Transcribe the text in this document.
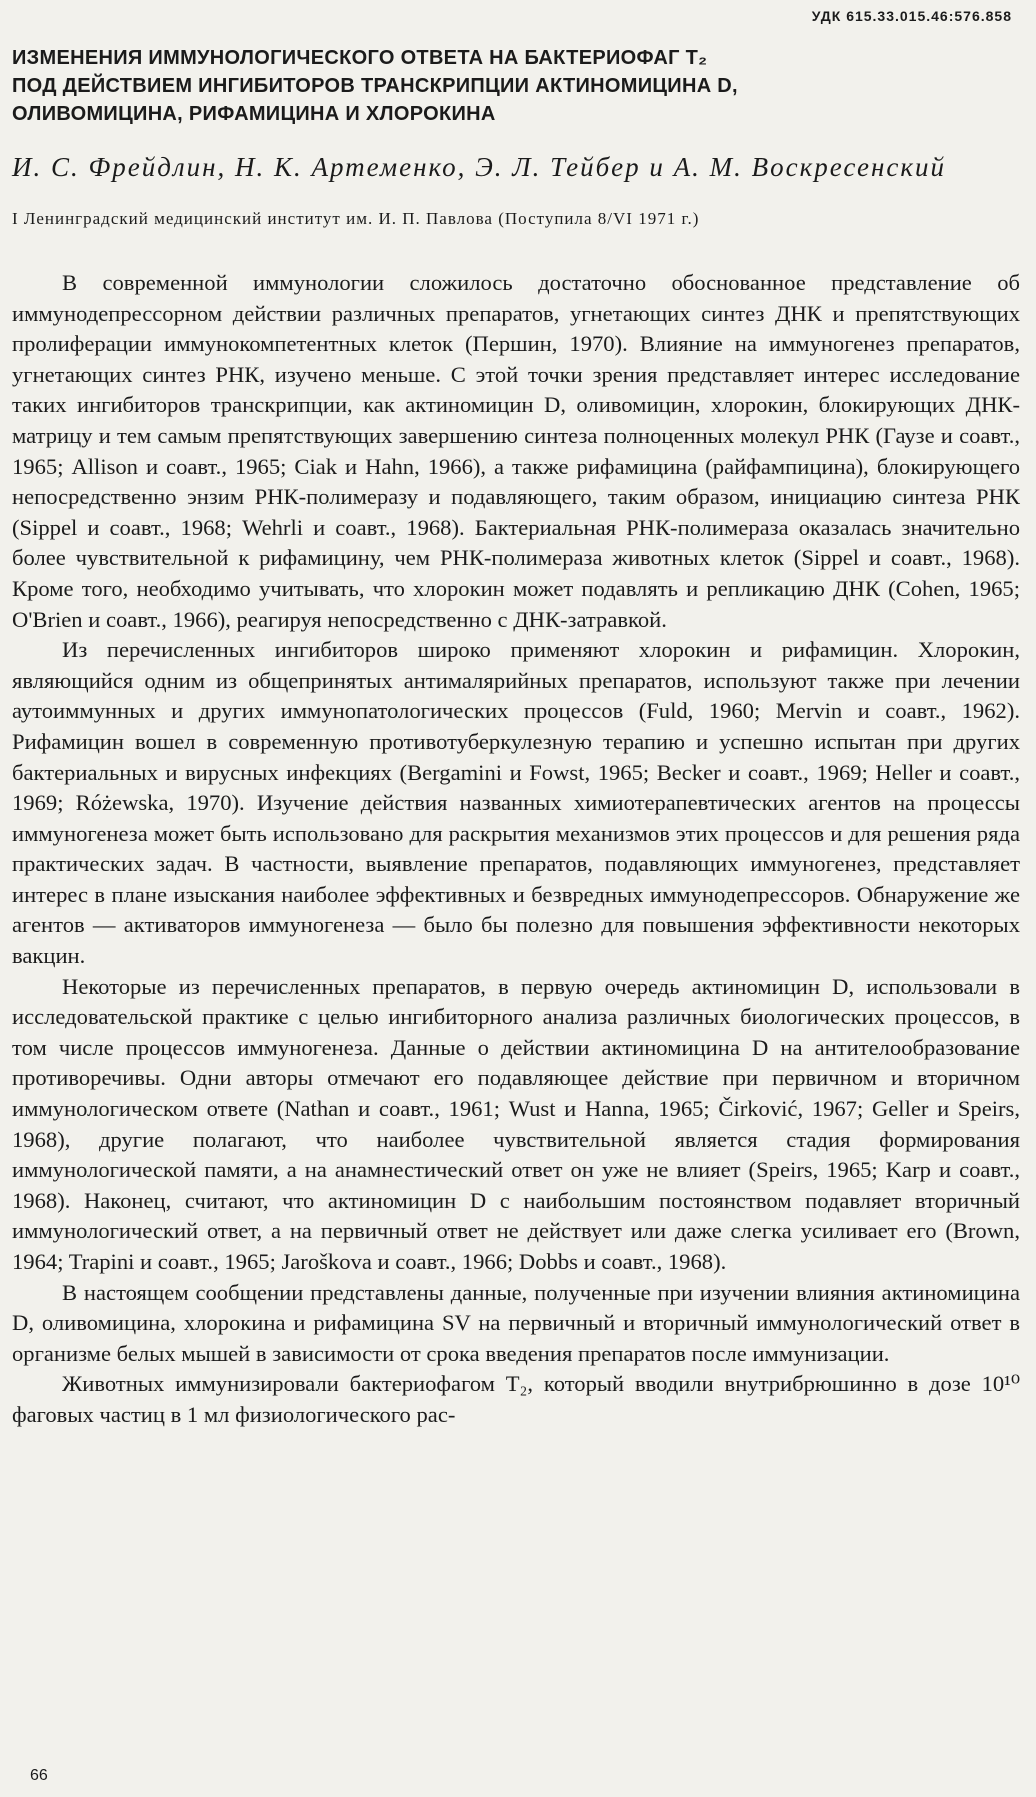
УДК 615.33.015.46:576.858
ИЗМЕНЕНИЯ ИММУНОЛОГИЧЕСКОГО ОТВЕТА НА БАКТЕРИОФАГ T₂
ПОД ДЕЙСТВИЕМ ИНГИБИТОРОВ ТРАНСКРИПЦИИ АКТИНОМИЦИНА D,
ОЛИВОМИЦИНА, РИФАМИЦИНА И ХЛОРОКИНА
И. С. Фрейдлин, Н. К. Артеменко, Э. Л. Тейбер и А. М. Воскресенский
I Ленинградский медицинский институт им. И. П. Павлова (Поступила 8/VI 1971 г.)

В современной иммунологии сложилось достаточно обоснованное представление об иммунодепрессорном действии различных препаратов, угнетающих синтез ДНК и препятствующих пролиферации иммунокомпетентных клеток (Першин, 1970). Влияние на иммуногенез препаратов, угнетающих синтез РНК, изучено меньше. С этой точки зрения представляет интерес исследование таких ингибиторов транскрипции, как актиномицин D, оливомицин, хлорокин, блокирующих ДНК-матрицу и тем самым препятствующих завершению синтеза полноценных молекул РНК (Гаузе и соавт., 1965; Allison и соавт., 1965; Ciak и Hahn, 1966), а также рифамицина (райфампицина), блокирующего непосредственно энзим РНК-полимеразу и подавляющего, таким образом, инициацию синтеза РНК (Sippel и соавт., 1968; Wehrli и соавт., 1968). Бактериальная РНК-полимераза оказалась значительно более чувствительной к рифамицину, чем РНК-полимераза животных клеток (Sippel и соавт., 1968). Кроме того, необходимо учитывать, что хлорокин может подавлять и репликацию ДНК (Cohen, 1965; O'Brien и соавт., 1966), реагируя непосредственно с ДНК-затравкой.

Из перечисленных ингибиторов широко применяют хлорокин и рифамицин. Хлорокин, являющийся одним из общепринятых антималярийных препаратов, используют также при лечении аутоиммунных и других иммунопатологических процессов (Fuld, 1960; Mervin и соавт., 1962). Рифамицин вошел в современную противотуберкулезную терапию и успешно испытан при других бактериальных и вирусных инфекциях (Bergamini и Fowst, 1965; Becker и соавт., 1969; Heller и соавт., 1969; Różewska, 1970). Изучение действия названных химиотерапевтических агентов на процессы иммуногенеза может быть использовано для раскрытия механизмов этих процессов и для решения ряда практических задач. В частности, выявление препаратов, подавляющих иммуногенез, представляет интерес в плане изыскания наиболее эффективных и безвредных иммунодепрессоров. Обнаружение же агентов — активаторов иммуногенеза — было бы полезно для повышения эффективности некоторых вакцин.

Некоторые из перечисленных препаратов, в первую очередь актиномицин D, использовали в исследовательской практике с целью ингибиторного анализа различных биологических процессов, в том числе процессов иммуногенеза. Данные о действии актиномицина D на антителообразование противоречивы. Одни авторы отмечают его подавляющее действие при первичном и вторичном иммунологическом ответе (Nathan и соавт., 1961; Wust и Hanna, 1965; Čirković, 1967; Geller и Speirs, 1968), другие полагают, что наиболее чувствительной является стадия формирования иммунологической памяти, а на анамнестический ответ он уже не влияет (Speirs, 1965; Karp и соавт., 1968). Наконец, считают, что актиномицин D с наибольшим постоянством подавляет вторичный иммунологический ответ, а на первичный ответ не действует или даже слегка усиливает его (Brown, 1964; Trapini и соавт., 1965; Jaroškova и соавт., 1966; Dobbs и соавт., 1968).

В настоящем сообщении представлены данные, полученные при изучении влияния актиномицина D, оливомицина, хлорокина и рифамицина SV на первичный и вторичный иммунологический ответ в организме белых мышей в зависимости от срока введения препаратов после иммунизации.

Животных иммунизировали бактериофагом T₂, который вводили внутрибрюшинно в дозе 10¹⁰ фаговых частиц в 1 мл физиологического рас-

66
